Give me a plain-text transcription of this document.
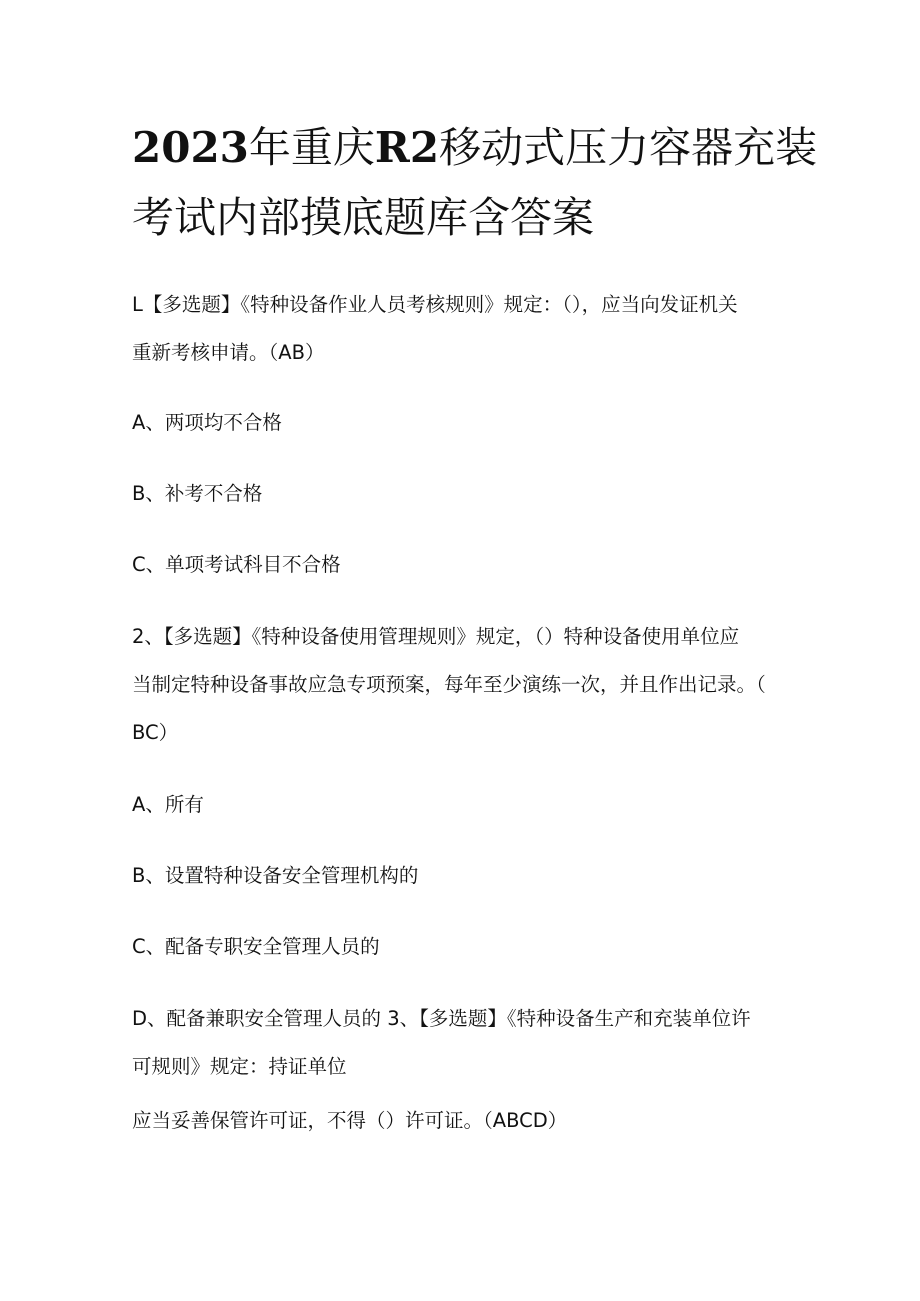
2023年重庆R2移动式压力容器充装
考试内部摸底题库含答案
L【多选题】《特种设备作业人员考核规则》规定：（），应当向发证机关
重新考核申请。（AB）
A、两项均不合格
B、补考不合格
C、单项考试科目不合格
2、【多选题】《特种设备使用管理规则》规定，（）特种设备使用单位应
当制定特种设备事故应急专项预案，每年至少演练一次，并且作出记录。（
BC）
A、所有
B、设置特种设备安全管理机构的
C、配备专职安全管理人员的
D、配备兼职安全管理人员的 3、【多选题】《特种设备生产和充装单位许
可规则》规定：持证单位
应当妥善保管许可证，不得（）许可证。（ABCD）
